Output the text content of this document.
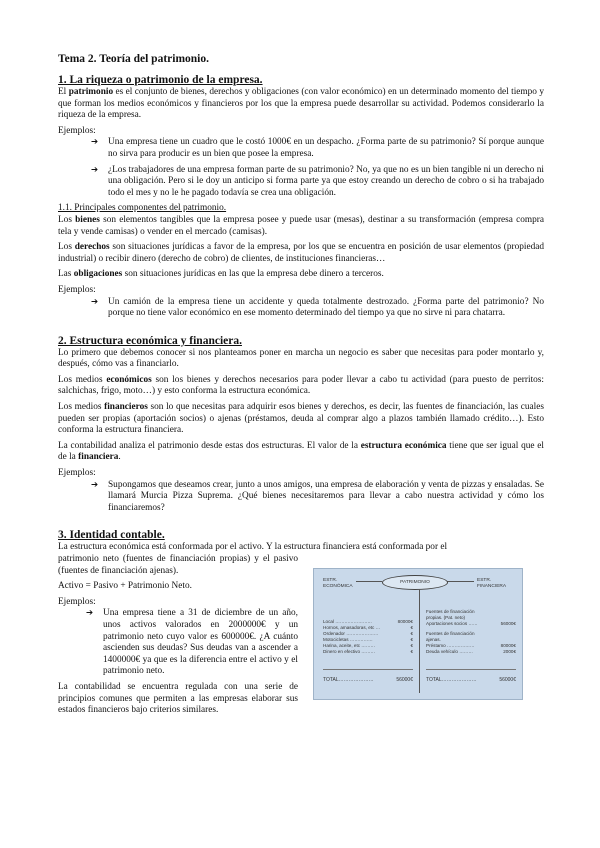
Tema 2. Teoría del patrimonio.
1. La riqueza o patrimonio de la empresa.

El patrimonio es el conjunto de bienes, derechos y obligaciones (con valor económico) en un determinado momento del tiempo y que forman los medios económicos y financieros por los que la empresa puede desarrollar su actividad. Podemos considerarlo la riqueza de la empresa.

Ejemplos:
➔ Una empresa tiene un cuadro que le costó 1000€ en un despacho. ¿Forma parte de su patrimonio? Sí porque aunque no sirva para producir es un bien que posee la empresa.
➔ ¿Los trabajadores de una empresa forman parte de su patrimonio? No, ya que no es un bien tangible ni un derecho ni una obligación. Pero si le doy un anticipo si forma parte ya que estoy creando un derecho de cobro o si ha trabajado todo el mes y no le he pagado todavía se crea una obligación.
1.1. Principales componentes del patrimonio.

Los bienes son elementos tangibles que la empresa posee y puede usar (mesas), destinar a su transformación (empresa compra tela y vende camisas) o vender en el mercado (camisas).

Los derechos son situaciones jurídicas a favor de la empresa, por los que se encuentra en posición de usar elementos (propiedad industrial) o recibir dinero (derecho de cobro) de clientes, de instituciones financieras…

Las obligaciones son situaciones jurídicas en las que la empresa debe dinero a terceros.

Ejemplos:
➔ Un camión de la empresa tiene un accidente y queda totalmente destrozado. ¿Forma parte del patrimonio? No porque no tiene valor económico en ese momento determinado del tiempo ya que no sirve ni para chatarra.
2. Estructura económica y financiera.

Lo primero que debemos conocer si nos planteamos poner en marcha un negocio es saber que necesitas para poder montarlo y, después, cómo vas a financiarlo.

Los medios económicos son los bienes y derechos necesarios para poder llevar a cabo tu actividad (para puesto de perritos: salchichas, frigo, moto…) y esto conforma la estructura económica.

Los medios financieros son lo que necesitas para adquirir esos bienes y derechos, es decir, las fuentes de financiación, las cuales pueden ser propias (aportación socios) o ajenas (préstamos, deuda al comprar algo a plazos también llamado crédito…). Esto conforma la estructura financiera.

La contabilidad analiza el patrimonio desde estas dos estructuras. El valor de la estructura económica tiene que ser igual que el de la financiera.

Ejemplos:
➔ Supongamos que deseamos crear, junto a unos amigos, una empresa de elaboración y venta de pizzas y ensaladas. Se llamará Murcia Pizza Suprema. ¿Qué bienes necesitaremos para llevar a cabo nuestra actividad y cómo los financiaremos?
3. Identidad contable.

La estructura económica está conformada por el activo. Y la estructura financiera está conformada por el

patrimonio neto (fuentes de financiación propias) y el pasivo (fuentes de financiación ajenas).

Activo = Pasivo + Patrimonio Neto.

Ejemplos:
➔ Una empresa tiene a 31 de diciembre de un año, unos activos valorados en 2000000€ y un patrimonio neto cuyo valor es 600000€. ¿A cuánto ascienden sus deudas? Sus deudas van a ascender a 1400000€ ya que es la diferencia entre el activo y el patrimonio neto.

La contabilidad se encuentra regulada con una serie de principios comunes que permiten a las empresas elaborar sus estados financieros bajo criterios similares.

PATRIMONIO
ESTR.
ECONÓMICA
ESTR.
FINANCIERA
Local ……………………	80000€
Hornos, amasadoras, etc …	€
Ordenador …………………	€
Motocicletas ……………	€
Harina, aceite, etc ………	€
Dinero en efectivo ………	€
Fuentes de financiación
propias. (Pat. neto)
Aportaciones socios ……	56000€
Fuentes de financiación
ajenas.
Préstamo ………………	80000€
Deuda vehículo ………	2000€
TOTAL…………………	56000€	TOTAL…………………	56000€
